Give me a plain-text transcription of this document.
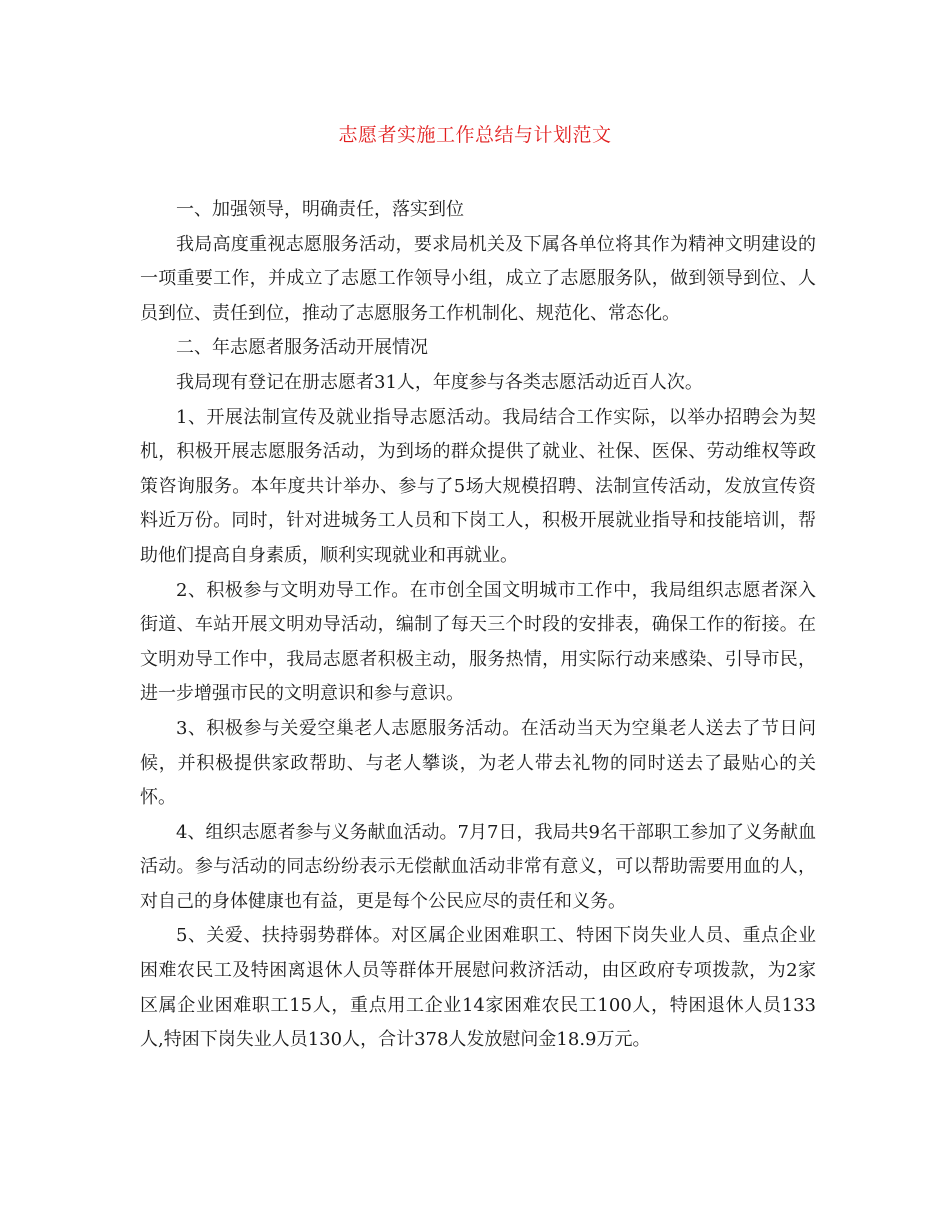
志愿者实施工作总结与计划范文

一、加强领导，明确责任，落实到位

我局高度重视志愿服务活动，要求局机关及下属各单位将其作为精神文明建设的一项重要工作，并成立了志愿工作领导小组，成立了志愿服务队，做到领导到位、人员到位、责任到位，推动了志愿服务工作机制化、规范化、常态化。

二、年志愿者服务活动开展情况

我局现有登记在册志愿者31人，年度参与各类志愿活动近百人次。

1、开展法制宣传及就业指导志愿活动。我局结合工作实际，以举办招聘会为契机，积极开展志愿服务活动，为到场的群众提供了就业、社保、医保、劳动维权等政策咨询服务。本年度共计举办、参与了5场大规模招聘、法制宣传活动，发放宣传资料近万份。同时，针对进城务工人员和下岗工人，积极开展就业指导和技能培训，帮助他们提高自身素质，顺利实现就业和再就业。

2、积极参与文明劝导工作。在市创全国文明城市工作中，我局组织志愿者深入街道、车站开展文明劝导活动，编制了每天三个时段的安排表，确保工作的衔接。在文明劝导工作中，我局志愿者积极主动，服务热情，用实际行动来感染、引导市民，进一步增强市民的文明意识和参与意识。

3、积极参与关爱空巢老人志愿服务活动。在活动当天为空巢老人送去了节日问候，并积极提供家政帮助、与老人攀谈，为老人带去礼物的同时送去了最贴心的关怀。

4、组织志愿者参与义务献血活动。7月7日，我局共9名干部职工参加了义务献血活动。参与活动的同志纷纷表示无偿献血活动非常有意义，可以帮助需要用血的人，对自己的身体健康也有益，更是每个公民应尽的责任和义务。

5、关爱、扶持弱势群体。对区属企业困难职工、特困下岗失业人员、重点企业困难农民工及特困离退休人员等群体开展慰问救济活动，由区政府专项拨款，为2家区属企业困难职工15人，重点用工企业14家困难农民工100人，特困退休人员133人,特困下岗失业人员130人，合计378人发放慰问金18.9万元。
